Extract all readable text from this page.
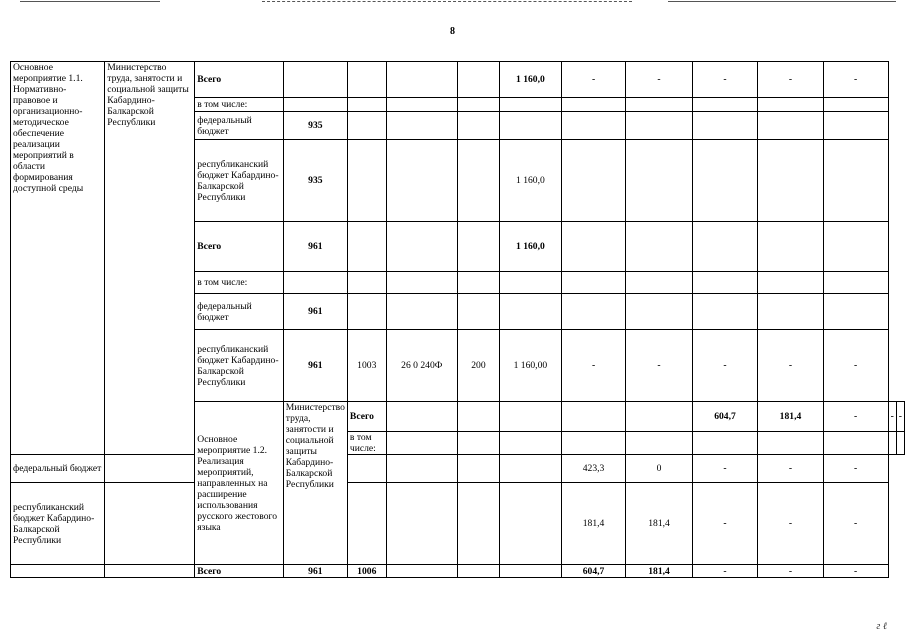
8
Основное мероприятие 1.1. Нормативно-правовое и организационно-методическое обеспечение реализации мероприятий в области формирования доступной среды	Министерство труда, занятости и социальной защиты Кабардино-Балкарской Республики	Всего					1 160,0	-	-	-	-	-		
		в том числе:												
		федеральный бюджет	935											
		республиканский бюджет Кабардино-Балкарской Республики	935				1 160,0							
		Всего	961				1 160,0							
		в том числе:												
		федеральный бюджет	961											
		республиканский бюджет Кабардино-Балкарской Республики	961	1003	26 0 240Ф	200	1 160,00	-	-	-	-	-		
		Основное мероприятие 1.2. Реализация мероприятий, направленных на расширение использования русского жестового языка	Министерство труда, занятости и социальной защиты Кабардино-Балкарской Республики	Всего						604,7	181,4	-	-	-
				в том числе:										
федеральный бюджет								423,3	0	-	-	-		
республиканский бюджет Кабардино-Балкарской Республики								181,4	181,4	-	-	-		
		Всего	961	1006				604,7	181,4	-	-	-		
г ℓ
